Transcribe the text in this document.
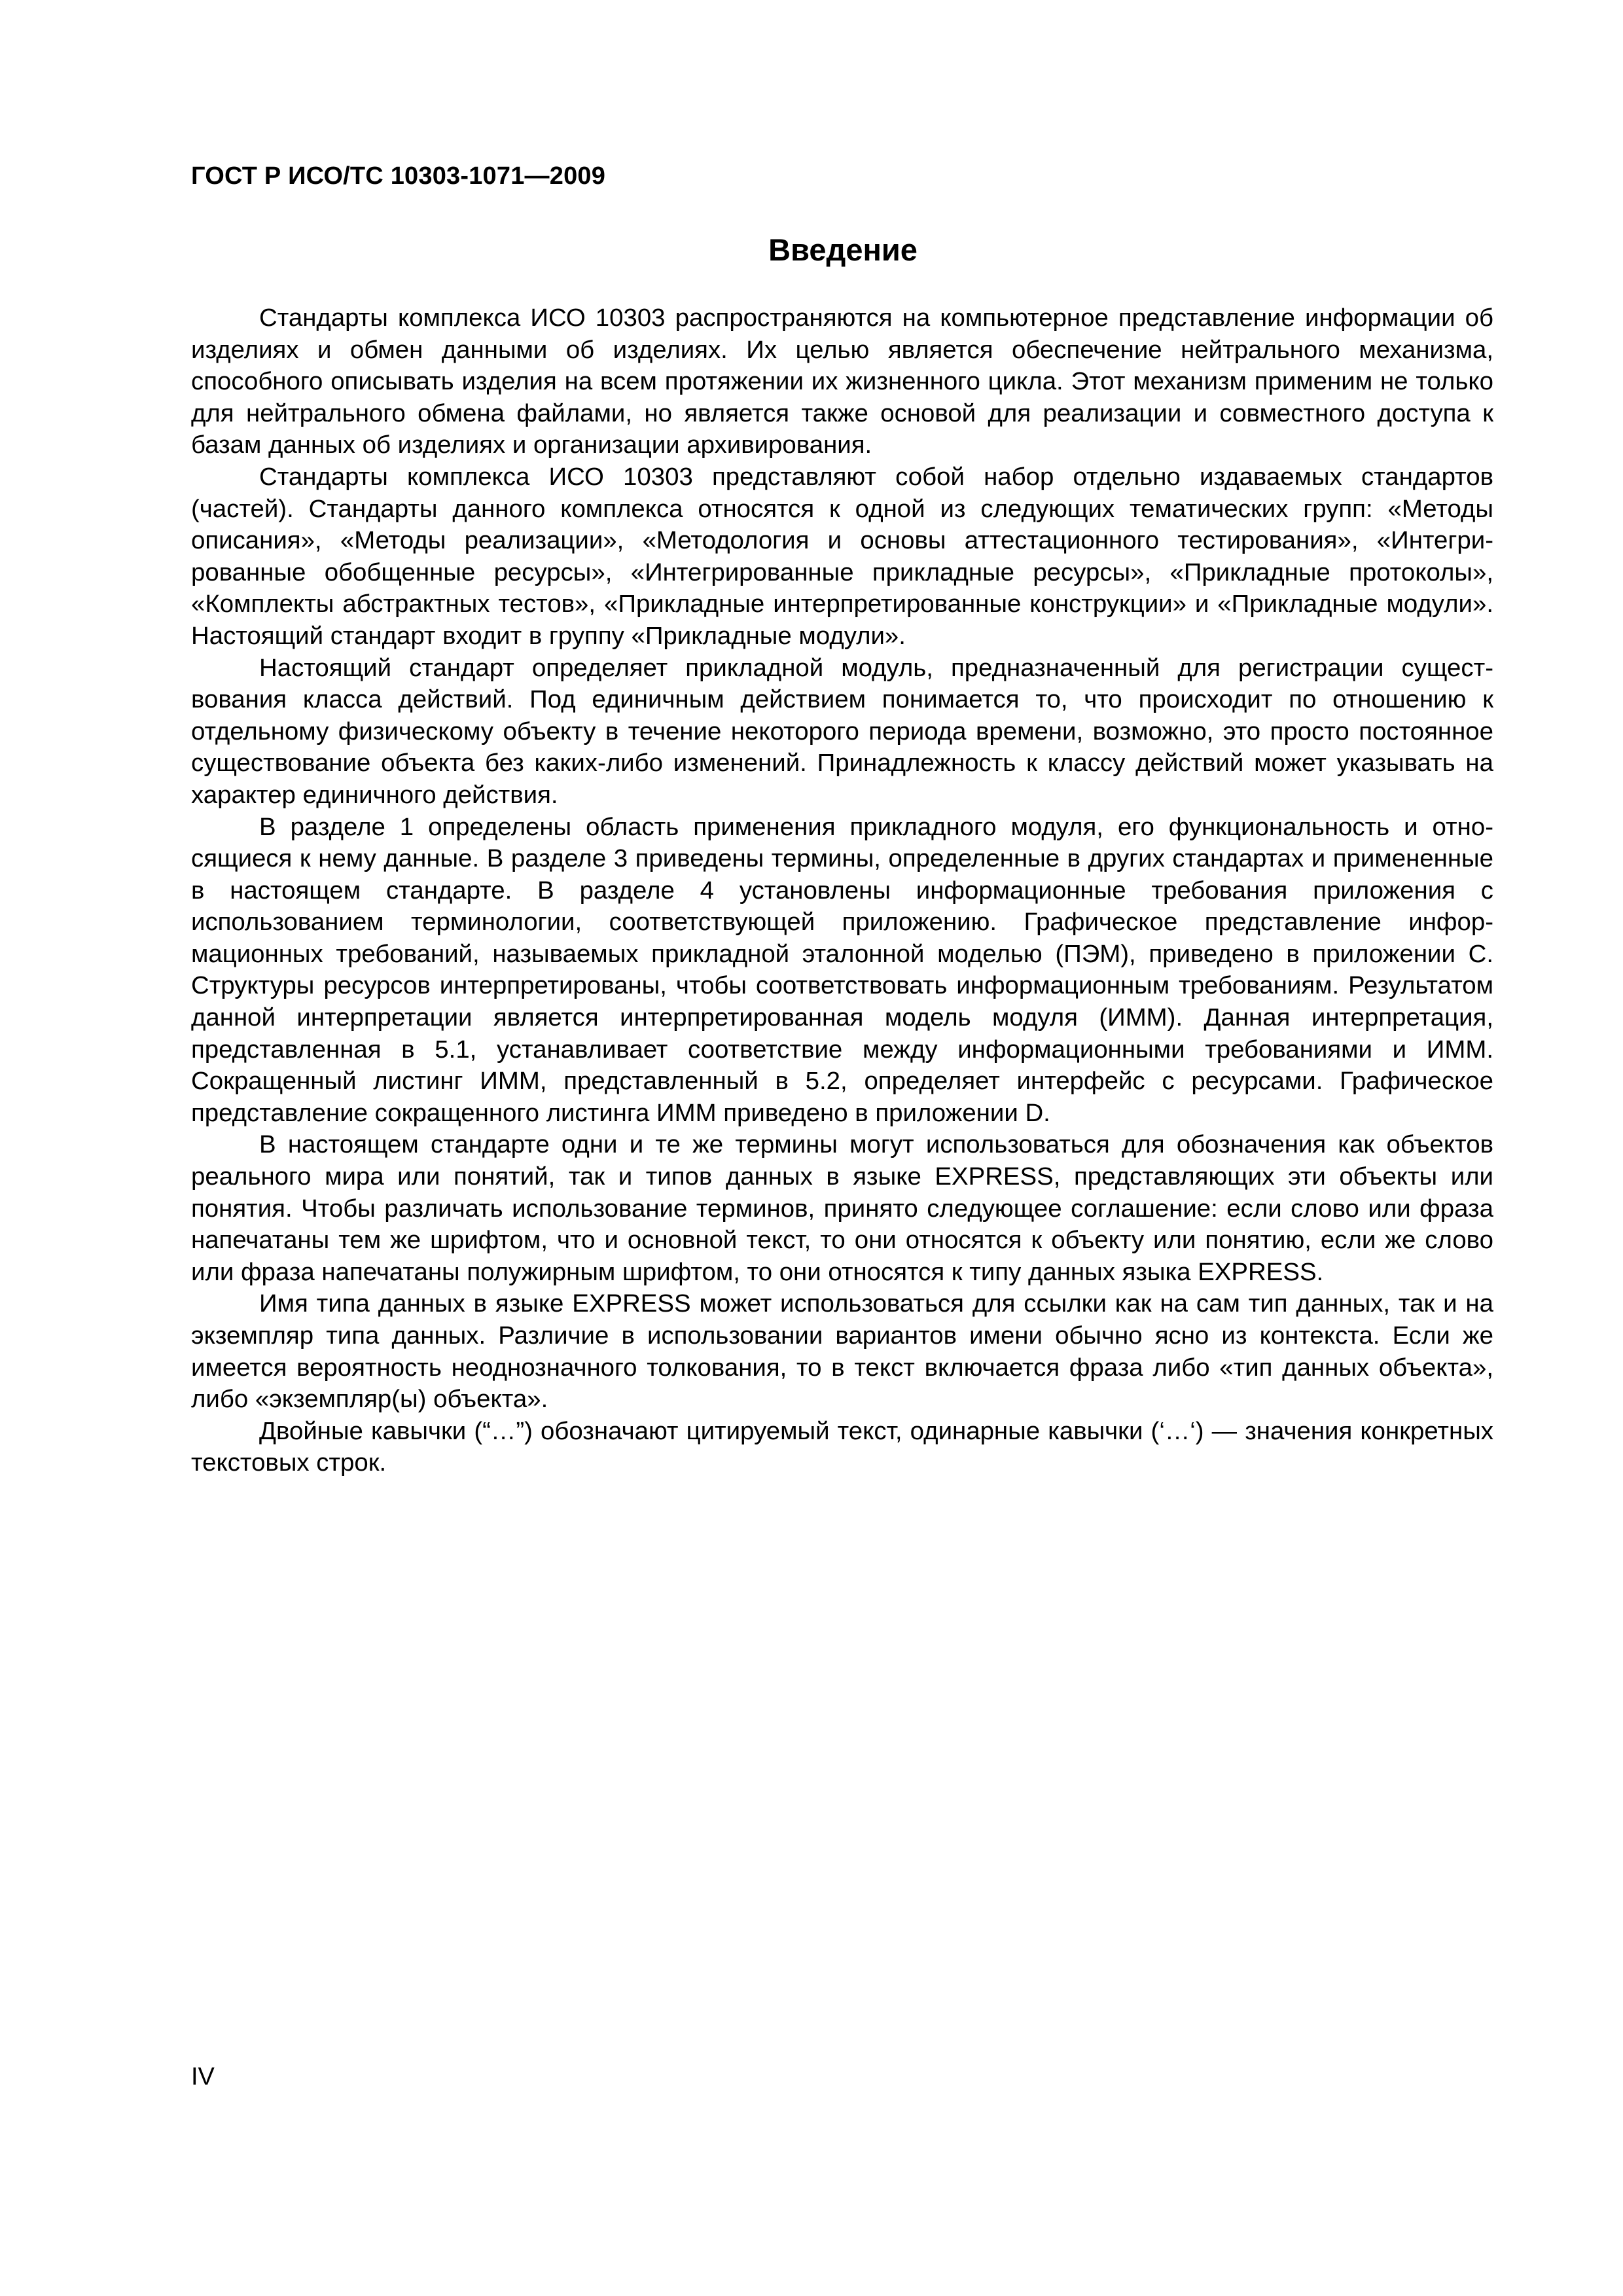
ГОСТ Р ИСО/ТС 10303-1071—2009
Введение

Стандарты комплекса ИСО 10303 распространяются на компьютерное представление информации об изделиях и обмен данными об изделиях. Их целью является обеспечение нейтрального механизма, способного описывать изделия на всем протяжении их жизненного цикла. Этот механизм применим не только для нейтрального обмена файлами, но является также основой для реализации и совместного доступа к базам данных об изделиях и организации архивирования.

Стандарты комплекса ИСО 10303 представляют собой набор отдельно издаваемых стандартов (частей). Стандарты данного комплекса относятся к одной из следующих тематических групп: «Методы описания», «Методы реализации», «Методология и основы аттестационного тестирования», «Интегрированные обобщенные ресурсы», «Интегрированные прикладные ресурсы», «Прикладные протоколы», «Комплекты абстрактных тестов», «Прикладные интерпретированные конструкции» и «Прикладные модули». Настоящий стандарт входит в группу «Прикладные модули».

Настоящий стандарт определяет прикладной модуль, предназначенный для регистрации существования класса действий. Под единичным действием понимается то, что происходит по отношению к отдельному физическому объекту в течение некоторого периода времени, возможно, это просто постоянное существование объекта без каких-либо изменений. Принадлежность к классу действий может указывать на характер единичного действия.

В разделе 1 определены область применения прикладного модуля, его функциональность и относящиеся к нему данные. В разделе 3 приведены термины, определенные в других стандартах и примененные в настоящем стандарте. В разделе 4 установлены информационные требования приложения с использованием терминологии, соответствующей приложению. Графическое представление информационных требований, называемых прикладной эталонной моделью (ПЭМ), приведено в приложении C. Структуры ресурсов интерпретированы, чтобы соответствовать информационным требованиям. Результатом данной интерпретации является интерпретированная модель модуля (ИММ). Данная интерпретация, представленная в 5.1, устанавливает соответствие между информационными требованиями и ИММ. Сокращенный листинг ИММ, представленный в 5.2, определяет интерфейс с ресурсами. Графическое представление сокращенного листинга ИММ приведено в приложении D.

В настоящем стандарте одни и те же термины могут использоваться для обозначения как объектов реального мира или понятий, так и типов данных в языке EXPRESS, представляющих эти объекты или понятия. Чтобы различать использование терминов, принято следующее соглашение: если слово или фраза напечатаны тем же шрифтом, что и основной текст, то они относятся к объекту или понятию, если же слово или фраза напечатаны полужирным шрифтом, то они относятся к типу данных языка EXPRESS.

Имя типа данных в языке EXPRESS может использоваться для ссылки как на сам тип данных, так и на экземпляр типа данных. Различие в использовании вариантов имени обычно ясно из контекста. Если же имеется вероятность неоднозначного толкования, то в текст включается фраза либо «тип данных объекта», либо «экземпляр(ы) объекта».

Двойные кавычки (“…”) обозначают цитируемый текст, одинарные кавычки (‘…‘) — значения конкретных текстовых строк.

IV
